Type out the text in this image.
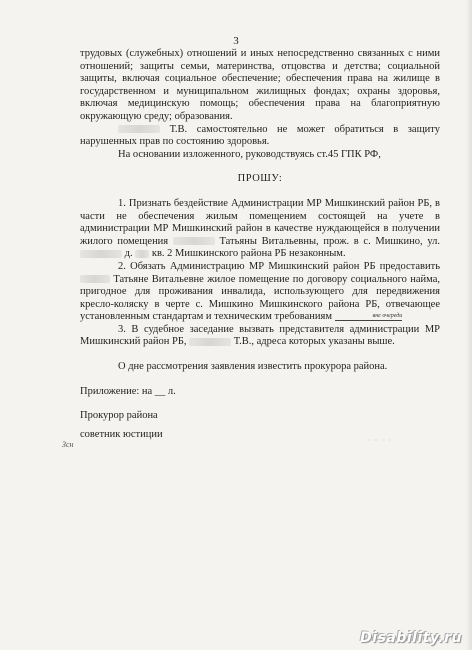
3

трудовых (служебных) отношений и иных непосредственно связанных с ними отношений; защиты семьи, материнства, отцовства и детства; социальной защиты, включая социальное обеспечение; обеспечения права на жилище в государственном и муниципальном жилищных фондах; охраны здоровья, включая медицинскую помощь; обеспечения права на благоприятную окружающую среду; образования.

Т.В. самостоятельно не может обратиться в защиту нарушенных прав по состоянию здоровья.

На основании изложенного, руководствуясь ст.45 ГПК РФ,

ПРОШУ:

1. Признать бездействие Администрации МР Мишкинский район РБ, в части не обеспечения жилым помещением состоящей на учете в администрации МР Мишкинский район в качестве нуждающейся в получении жилого помещения	Татьяны Витальевны, прож. в с. Мишкино, ул.  д. кв. 2 Мишкинского района РБ незаконным.

2. Обязать Администрацию МР Мишкинский район РБ предоставить  Татьяне Витальевне жилое помещение по договору социального найма, пригодное для проживания инвалида, использующего для передвижения кресло-коляску в черте с. Мишкино Мишкинского района РБ, отвечающее установленным стандартам и техническим требованиям	вне очереди

3. В судебное заседание вызвать представителя администрации МР Мишкинский район РБ,	Т.В., адреса которых указаны выше.

О дне рассмотрения заявления известить прокурора района.

Приложение: на __ л.

Прокурор района

советник юстиции

Зсн	· · · ·
Disability.ru
